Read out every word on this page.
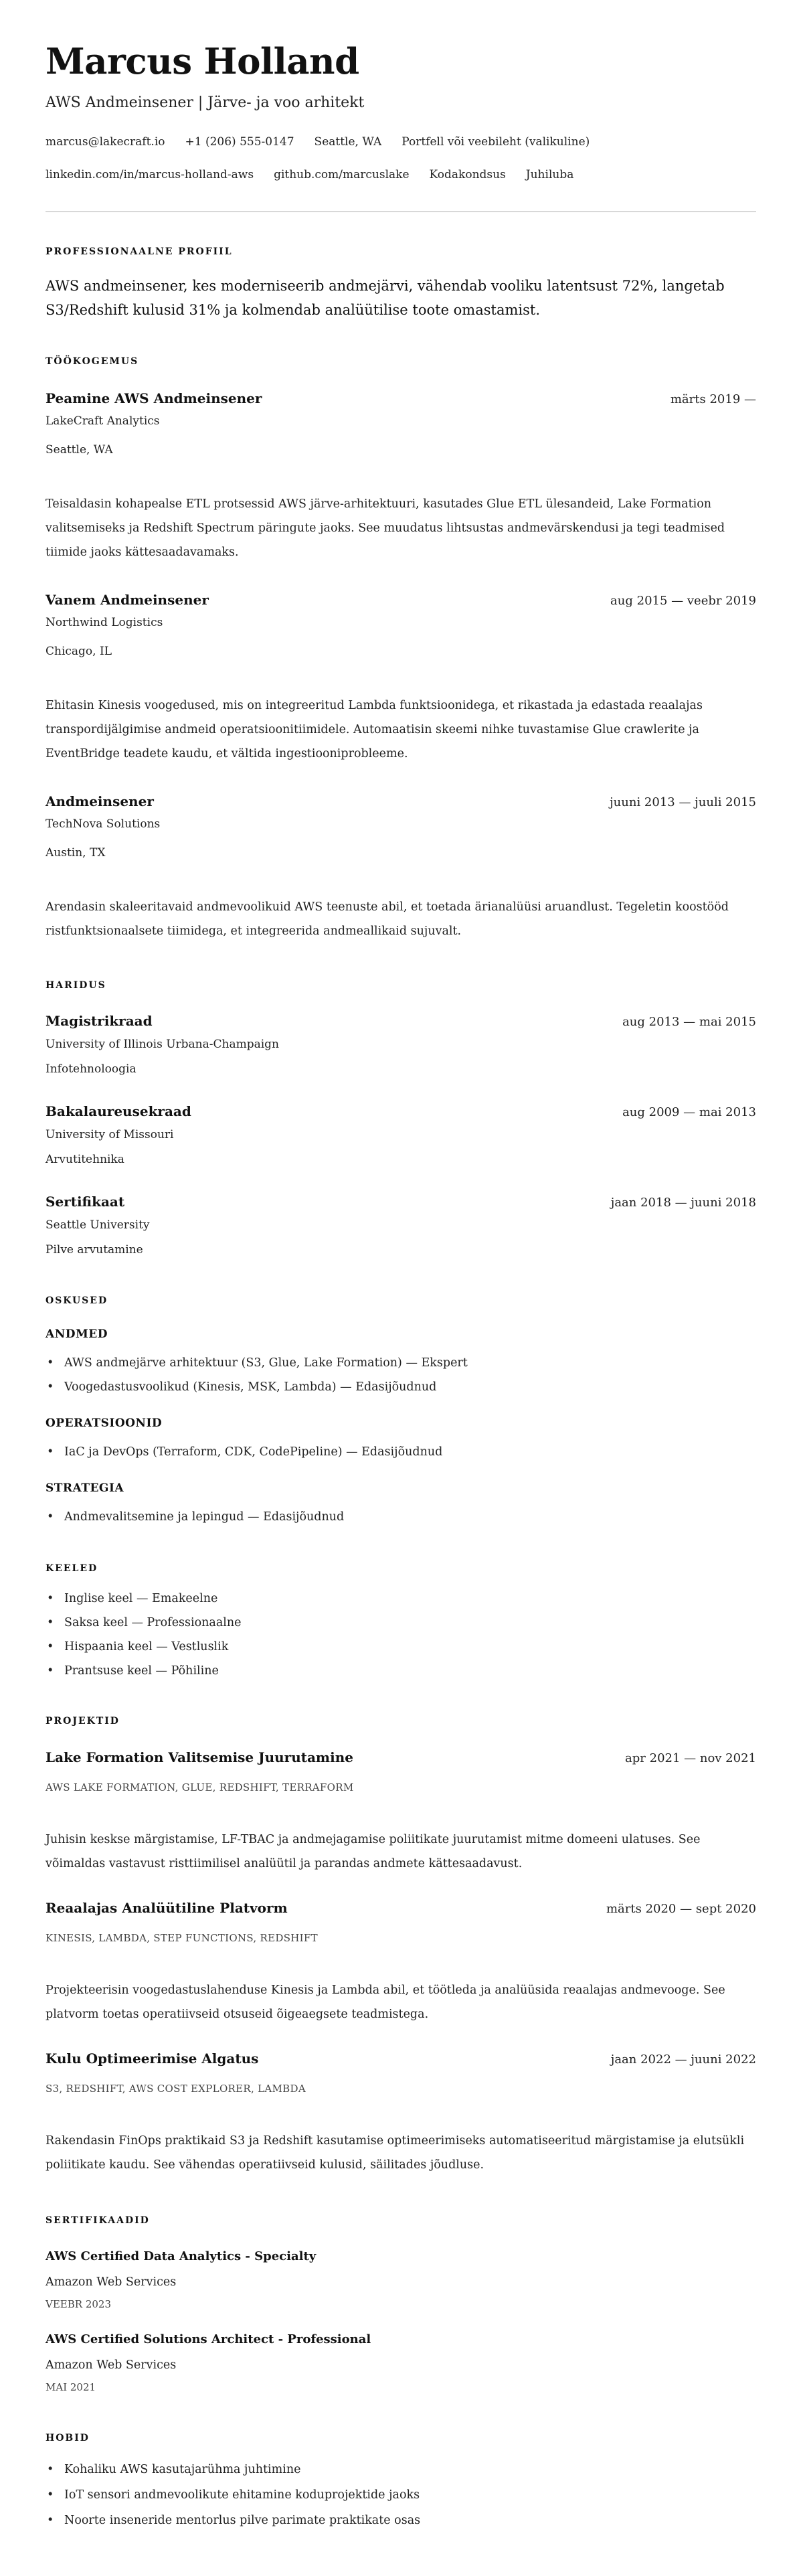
Marcus Holland
AWS Andmeinsener | Järve- ja voo arhitekt
marcus@lakecraft.io +1 (206) 555-0147 Seattle, WA Portfell või veebileht (valikuline)
linkedin.com/in/marcus-holland-aws github.com/marcuslake Kodakondsus Juhiluba
PROFESSIONAALNE PROFIIL
AWS andmeinsener, kes moderniseerib andmejärvi, vähendab vooliku latentsust 72%, langetab S3/Redshift kulusid 31% ja kolmendab analüütilise toote omastamist.
TÖÖKOGEMUS
Peamine AWS Andmeinsener	märts 2019 —
LakeCraft Analytics
Seattle, WA
Teisaldasin kohapealse ETL protsessid AWS järve-arhitektuuri, kasutades Glue ETL ülesandeid, Lake Formation valitsemiseks ja Redshift Spectrum päringute jaoks. See muudatus lihtsustas andmevärskendusi ja tegi teadmised tiimide jaoks kättesaadavamaks.
Vanem Andmeinsener	aug 2015 — veebr 2019
Northwind Logistics
Chicago, IL
Ehitasin Kinesis voogedused, mis on integreeritud Lambda funktsioonidega, et rikastada ja edastada reaalajas transpordijälgimise andmeid operatsioonitiimidele. Automaatisin skeemi nihke tuvastamise Glue crawlerite ja EventBridge teadete kaudu, et vältida ingestiooniprobleeme.
Andmeinsener	juuni 2013 — juuli 2015
TechNova Solutions
Austin, TX
Arendasin skaleeritavaid andmevoolikuid AWS teenuste abil, et toetada ärianalüüsi aruandlust. Tegeletin koostööd ristfunktsionaalsete tiimidega, et integreerida andmeallikaid sujuvalt.
HARIDUS
Magistrikraad	aug 2013 — mai 2015
University of Illinois Urbana-Champaign
Infotehnoloogia
Bakalaureusekraad	aug 2009 — mai 2013
University of Missouri
Arvutitehnika
Sertifikaat	jaan 2018 — juuni 2018
Seattle University
Pilve arvutamine
OSKUSED
ANDMED
• AWS andmejärve arhitektuur (S3, Glue, Lake Formation) — Ekspert
• Voogedastusvoolikud (Kinesis, MSK, Lambda) — Edasijõudnud
OPERATSIOONID
• IaC ja DevOps (Terraform, CDK, CodePipeline) — Edasijõudnud
STRATEGIA
• Andmevalitsemine ja lepingud — Edasijõudnud
KEELED
• Inglise keel — Emakeelne
• Saksa keel — Professionaalne
• Hispaania keel — Vestluslik
• Prantsuse keel — Põhiline
PROJEKTID
Lake Formation Valitsemise Juurutamine	apr 2021 — nov 2021
AWS LAKE FORMATION, GLUE, REDSHIFT, TERRAFORM
Juhisin keskse märgistamise, LF-TBAC ja andmejagamise poliitikate juurutamist mitme domeeni ulatuses. See võimaldas vastavust risttiimilisel analüütil ja parandas andmete kättesaadavust.
Reaalajas Analüütiline Platvorm	märts 2020 — sept 2020
KINESIS, LAMBDA, STEP FUNCTIONS, REDSHIFT
Projekteerisin voogedastuslahenduse Kinesis ja Lambda abil, et töötleda ja analüüsida reaalajas andmevooge. See platvorm toetas operatiivseid otsuseid õigeaegsete teadmistega.
Kulu Optimeerimise Algatus	jaan 2022 — juuni 2022
S3, REDSHIFT, AWS COST EXPLORER, LAMBDA
Rakendasin FinOps praktikaid S3 ja Redshift kasutamise optimeerimiseks automatiseeritud märgistamise ja elutsükli poliitikate kaudu. See vähendas operatiivseid kulusid, säilitades jõudluse.
SERTIFIKAADID
AWS Certified Data Analytics - Specialty
Amazon Web Services
VEEBR 2023
AWS Certified Solutions Architect - Professional
Amazon Web Services
MAI 2021
HOBID
• Kohaliku AWS kasutajarühma juhtimine
• IoT sensori andmevoolikute ehitamine koduprojektide jaoks
• Noorte inseneride mentorlus pilve parimate praktikate osas
